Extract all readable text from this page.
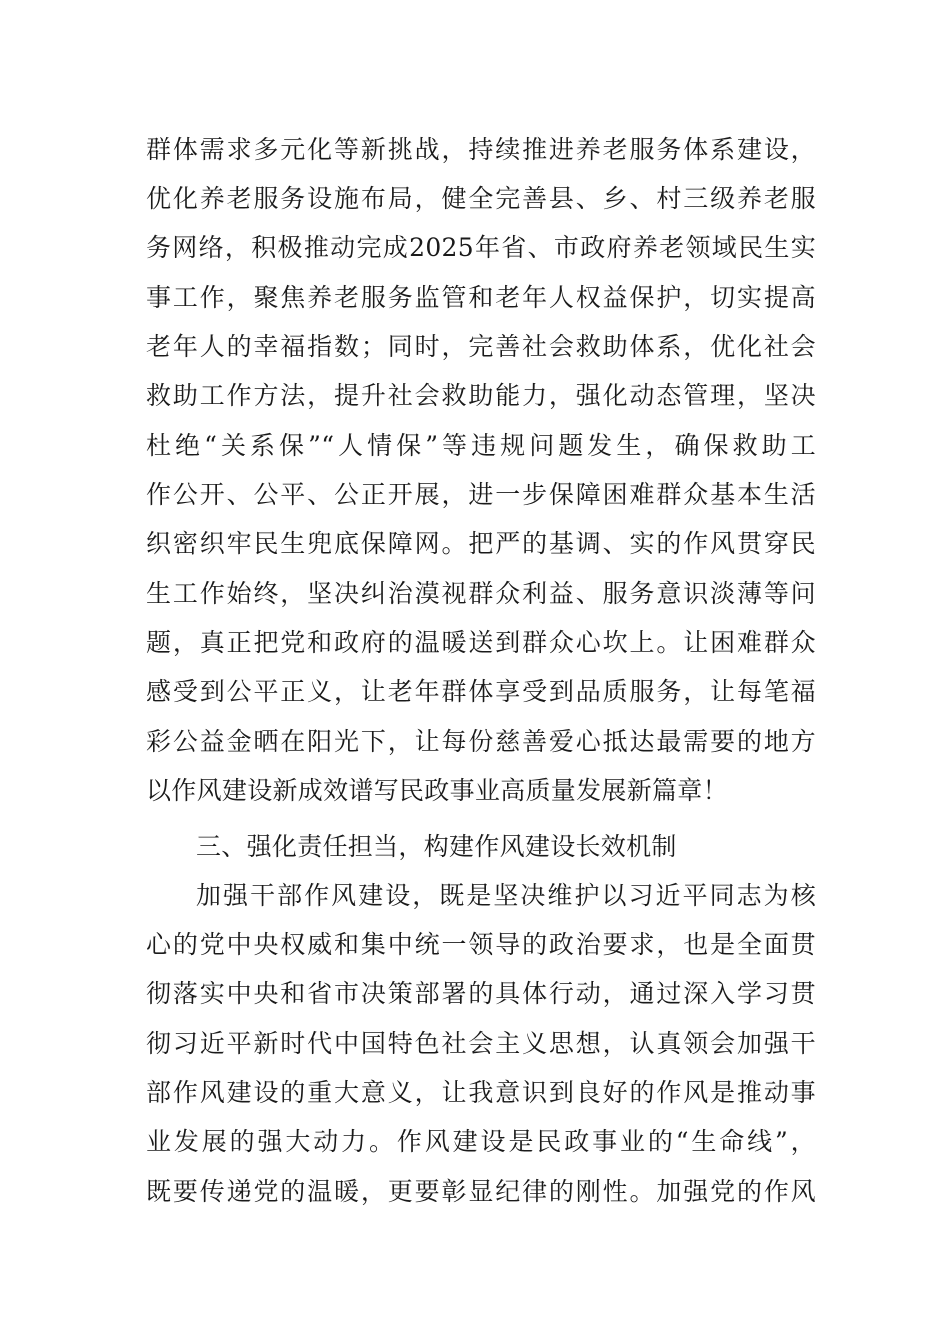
群体需求多元化等新挑战，持续推进养老服务体系建设，
优化养老服务设施布局，健全完善县、乡、村三级养老服
务网络，积极推动完成2025年省、市政府养老领域民生实
事工作，聚焦养老服务监管和老年人权益保护，切实提高
老年人的幸福指数；同时，完善社会救助体系，优化社会
救助工作方法，提升社会救助能力，强化动态管理，坚决
杜绝“关系保”“人情保”等违规问题发生，确保救助工
作公开、公平、公正开展，进一步保障困难群众基本生活
织密织牢民生兜底保障网。把严的基调、实的作风贯穿民
生工作始终，坚决纠治漠视群众利益、服务意识淡薄等问
题，真正把党和政府的温暖送到群众心坎上。让困难群众
感受到公平正义，让老年群体享受到品质服务，让每笔福
彩公益金晒在阳光下，让每份慈善爱心抵达最需要的地方
以作风建设新成效谱写民政事业高质量发展新篇章！
三、强化责任担当，构建作风建设长效机制
加强干部作风建设，既是坚决维护以习近平同志为核
心的党中央权威和集中统一领导的政治要求，也是全面贯
彻落实中央和省市决策部署的具体行动，通过深入学习贯
彻习近平新时代中国特色社会主义思想，认真领会加强干
部作风建设的重大意义，让我意识到良好的作风是推动事
业发展的强大动力。作风建设是民政事业的“生命线”，
既要传递党的温暖，更要彰显纪律的刚性。加强党的作风
